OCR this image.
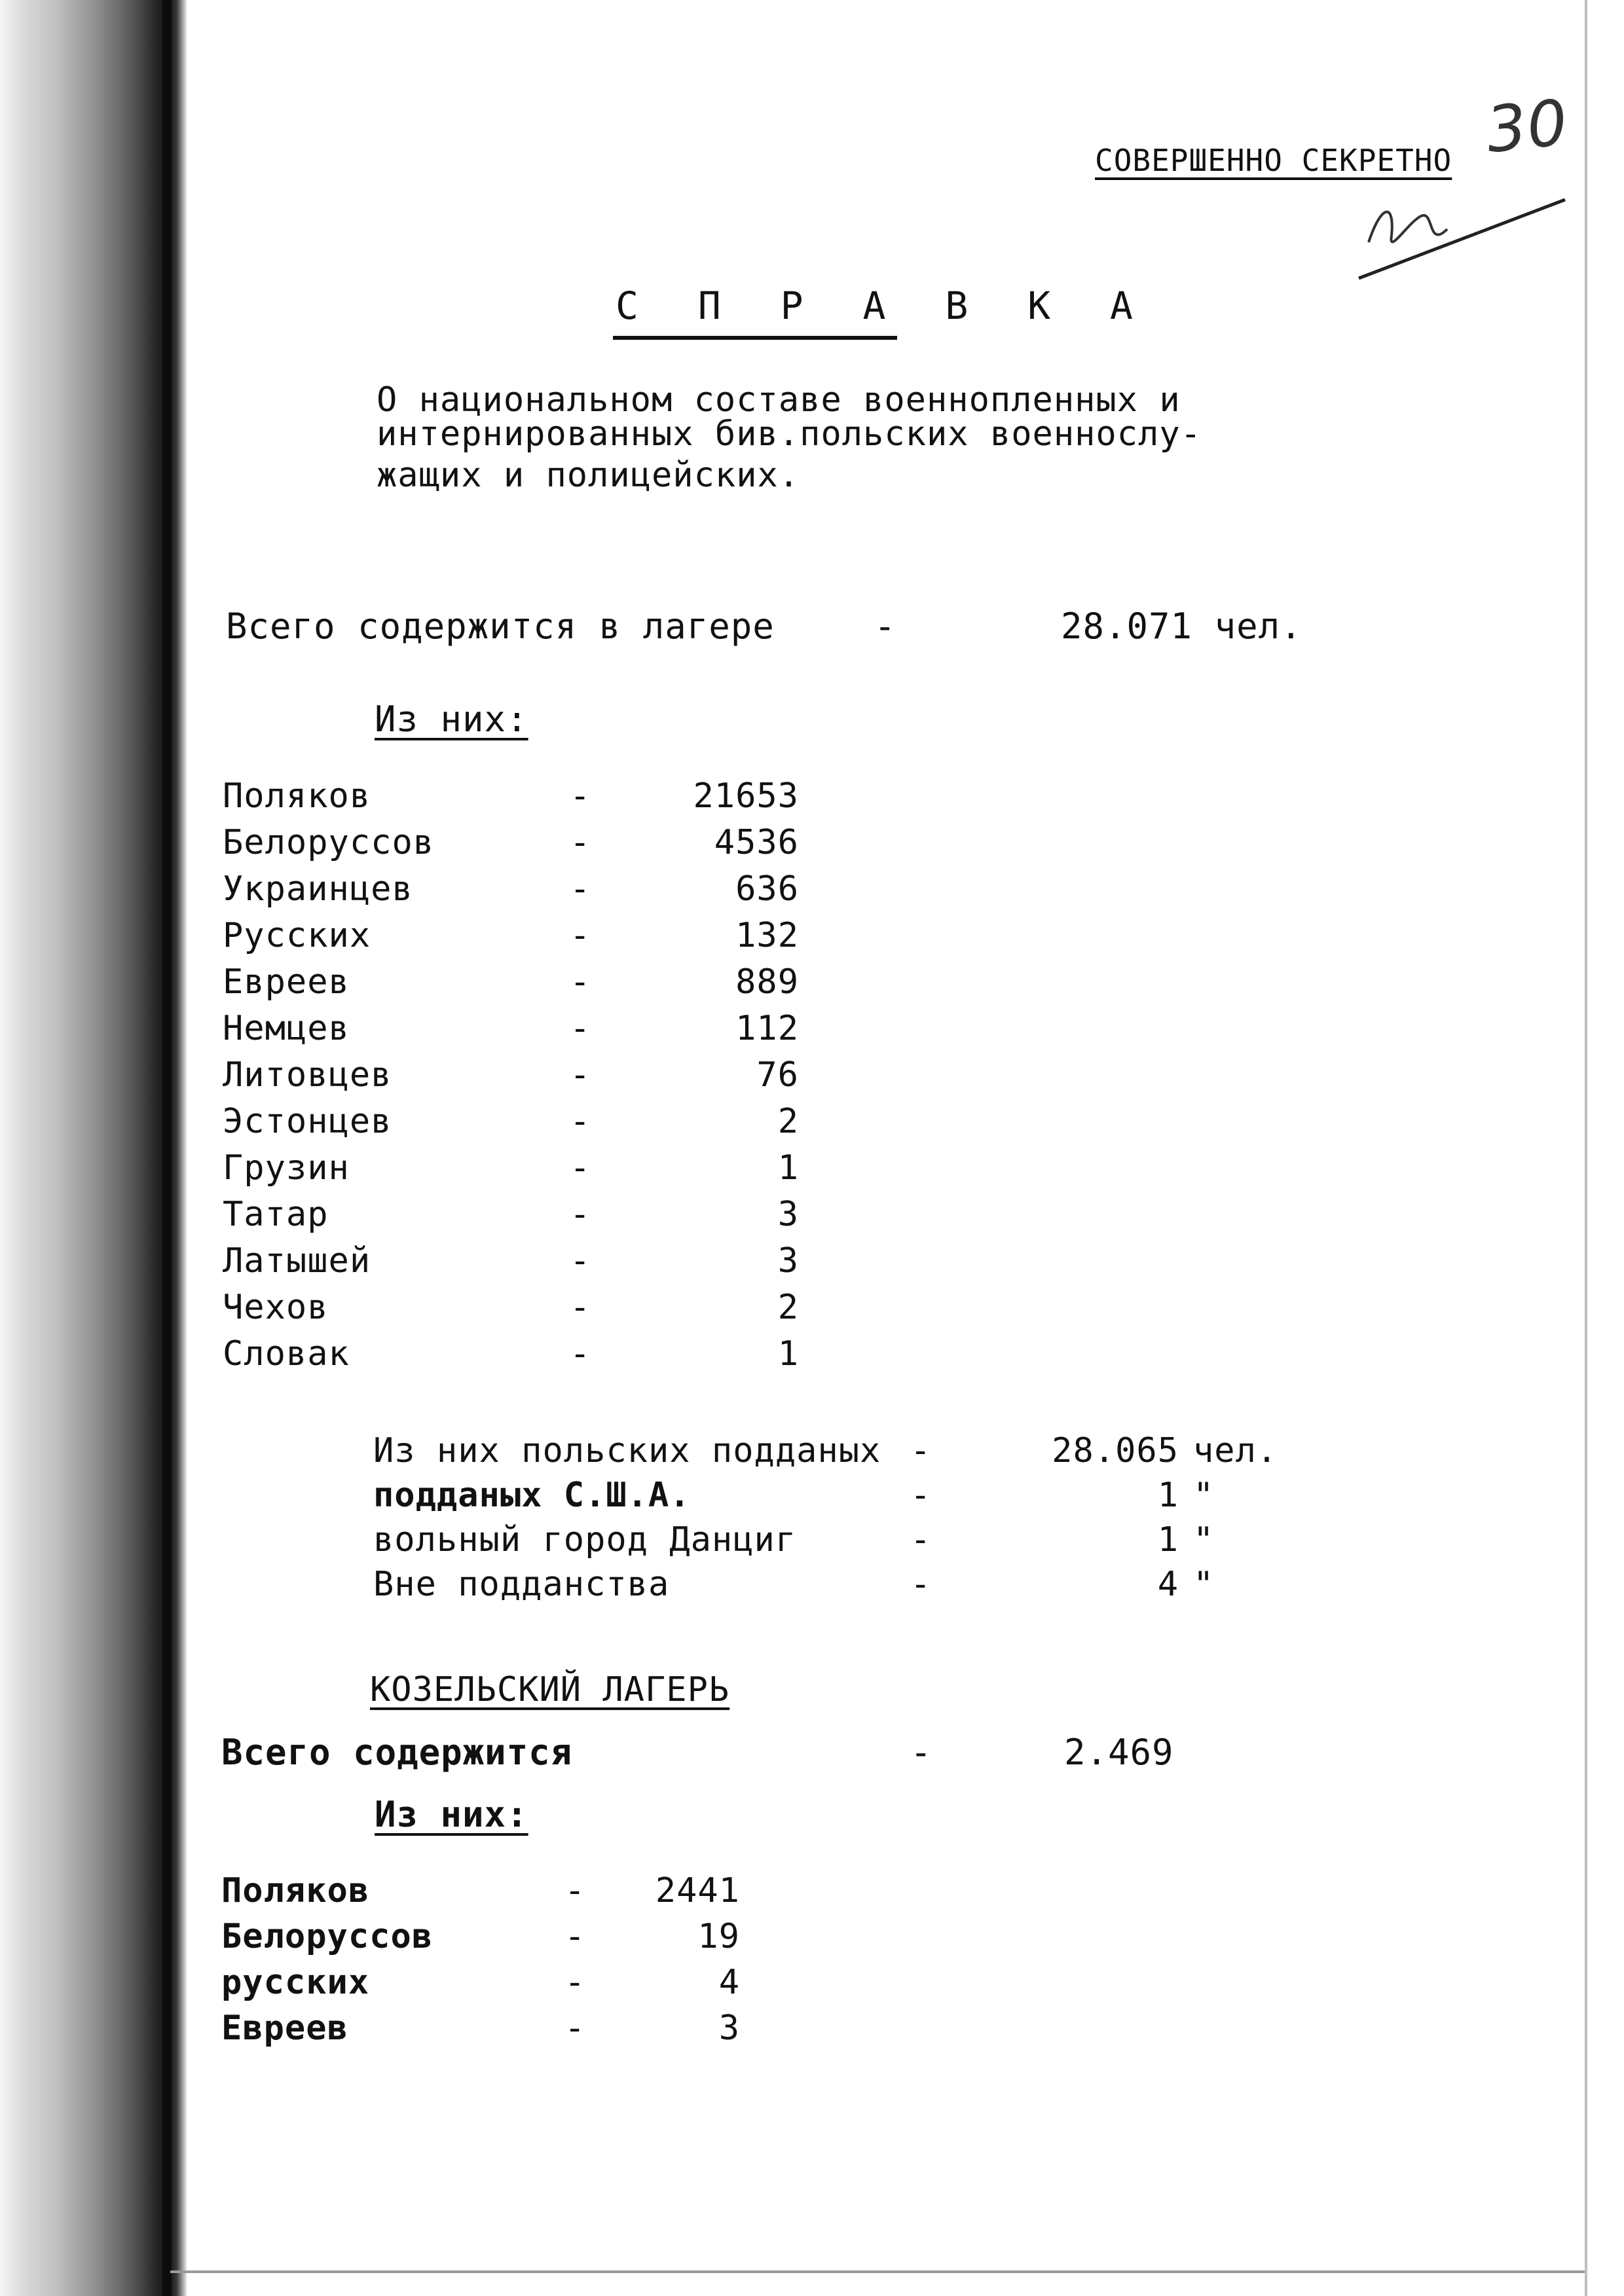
СОВЕРШЕННО СЕКРЕТНО 30
С П Р А В К А
О национальном составе военнопленных и
интернированных бив.польских военнослу-
жащих и полицейских.
Всего содержится в лагере	-	28.071 чел.
Из них:
Поляков	-	21653
Белоруссов	-	4536
Украинцев	-	636
Русских	-	132
Евреев	-	889
Немцев	-	112
Литовцев	-	76
Эстонцев	-	2
Грузин	-	1
Татар	-	3
Латышей	-	3
Чехов	-	2
Словак	-	1
Из них польских подданых -	28.065 чел.
подданых С.Ш.А.	-	1 "
вольный город Данциг	-	1 "
Вне подданства	-	4 "
КОЗЕЛЬСКИЙ ЛАГЕРЬ
Всего содержится	-	2.469
Из них:
Поляков	-	2441
Белоруссов	-	19
русских	-	4
Евреев	-	3
